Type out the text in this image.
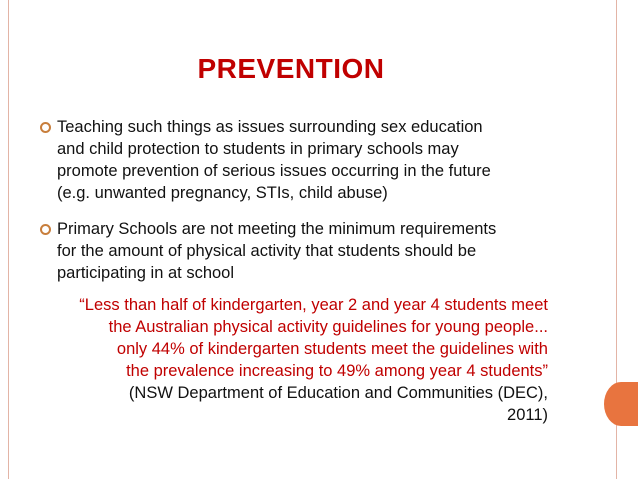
PREVENTION
Teaching such things as issues surrounding sex education
and child protection to students in primary schools may
promote prevention of serious issues occurring in the future
(e.g. unwanted pregnancy, STIs, child abuse)
Primary Schools are not meeting the minimum requirements
for the amount of physical activity that students should be
participating in at school
“Less than half of kindergarten, year 2 and year 4 students meet
the Australian physical activity guidelines for young people...
only 44% of kindergarten students meet the guidelines with
the prevalence increasing to 49% among year 4 students”
(NSW Department of Education and Communities (DEC),
2011)
